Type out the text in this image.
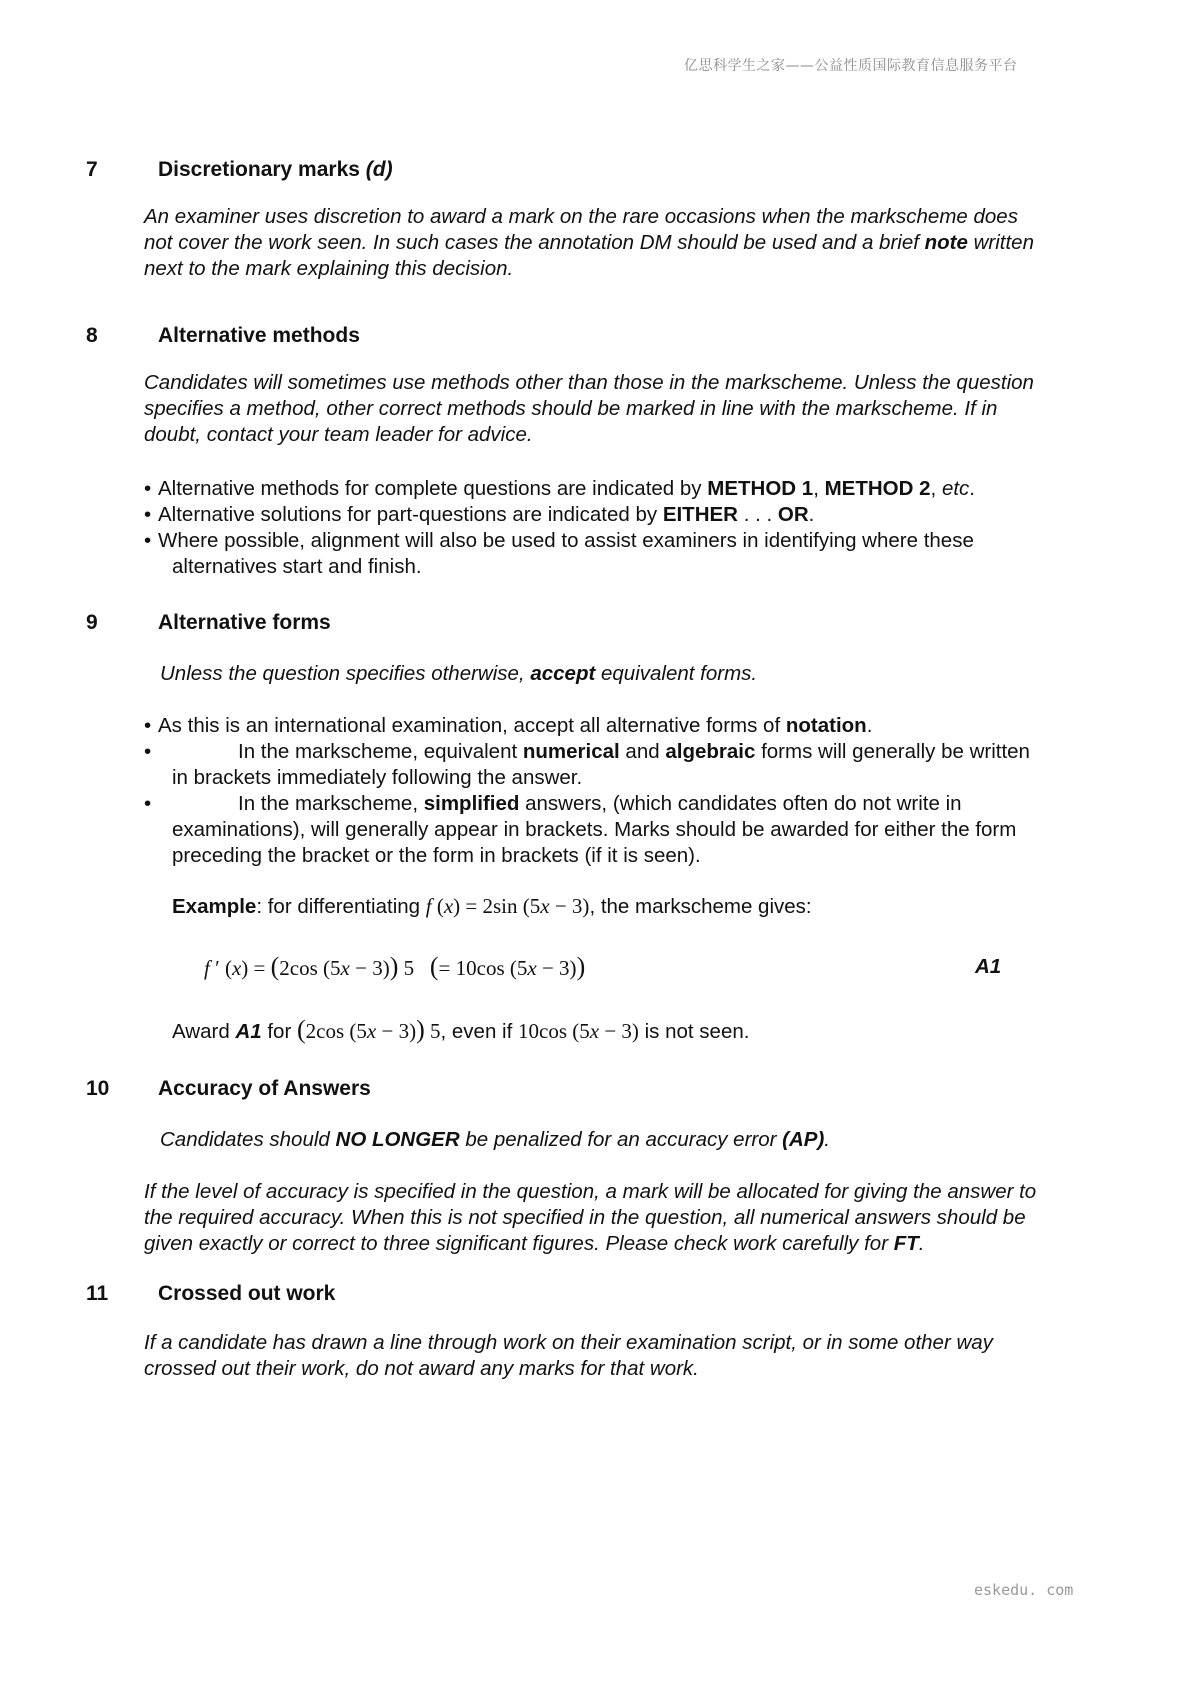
亿思科学生之家——公益性质国际教育信息服务平台
7	Discretionary marks (d)
An examiner uses discretion to award a mark on the rare occasions when the markscheme does
not cover the work seen. In such cases the annotation DM should be used and a brief note written
next to the mark explaining this decision.
8	Alternative methods
Candidates will sometimes use methods other than those in the markscheme. Unless the question
specifies a method, other correct methods should be marked in line with the markscheme. If in
doubt, contact your team leader for advice.
• Alternative methods for complete questions are indicated by METHOD 1, METHOD 2, etc.
• Alternative solutions for part-questions are indicated by EITHER . . . OR.
• Where possible, alignment will also be used to assist examiners in identifying where these
alternatives start and finish.
9	Alternative forms
Unless the question specifies otherwise, accept equivalent forms.
• As this is an international examination, accept all alternative forms of notation.
•	In the markscheme, equivalent numerical and algebraic forms will generally be written
in brackets immediately following the answer.
•	In the markscheme, simplified answers, (which candidates often do not write in
examinations), will generally appear in brackets. Marks should be awarded for either the form
preceding the bracket or the form in brackets (if it is seen).
Example: for differentiating f (x) = 2sin (5x − 3), the markscheme gives:
f ′ (x) = (2cos (5x − 3)) 5   (= 10cos (5x − 3))	A1
Award A1 for (2cos (5x − 3)) 5, even if 10cos (5x − 3) is not seen.
10 Accuracy of Answers
Candidates should NO LONGER be penalized for an accuracy error (AP).
If the level of accuracy is specified in the question, a mark will be allocated for giving the answer to
the required accuracy. When this is not specified in the question, all numerical answers should be
given exactly or correct to three significant figures. Please check work carefully for FT.
11 Crossed out work
If a candidate has drawn a line through work on their examination script, or in some other way
crossed out their work, do not award any marks for that work.
eskedu. com
